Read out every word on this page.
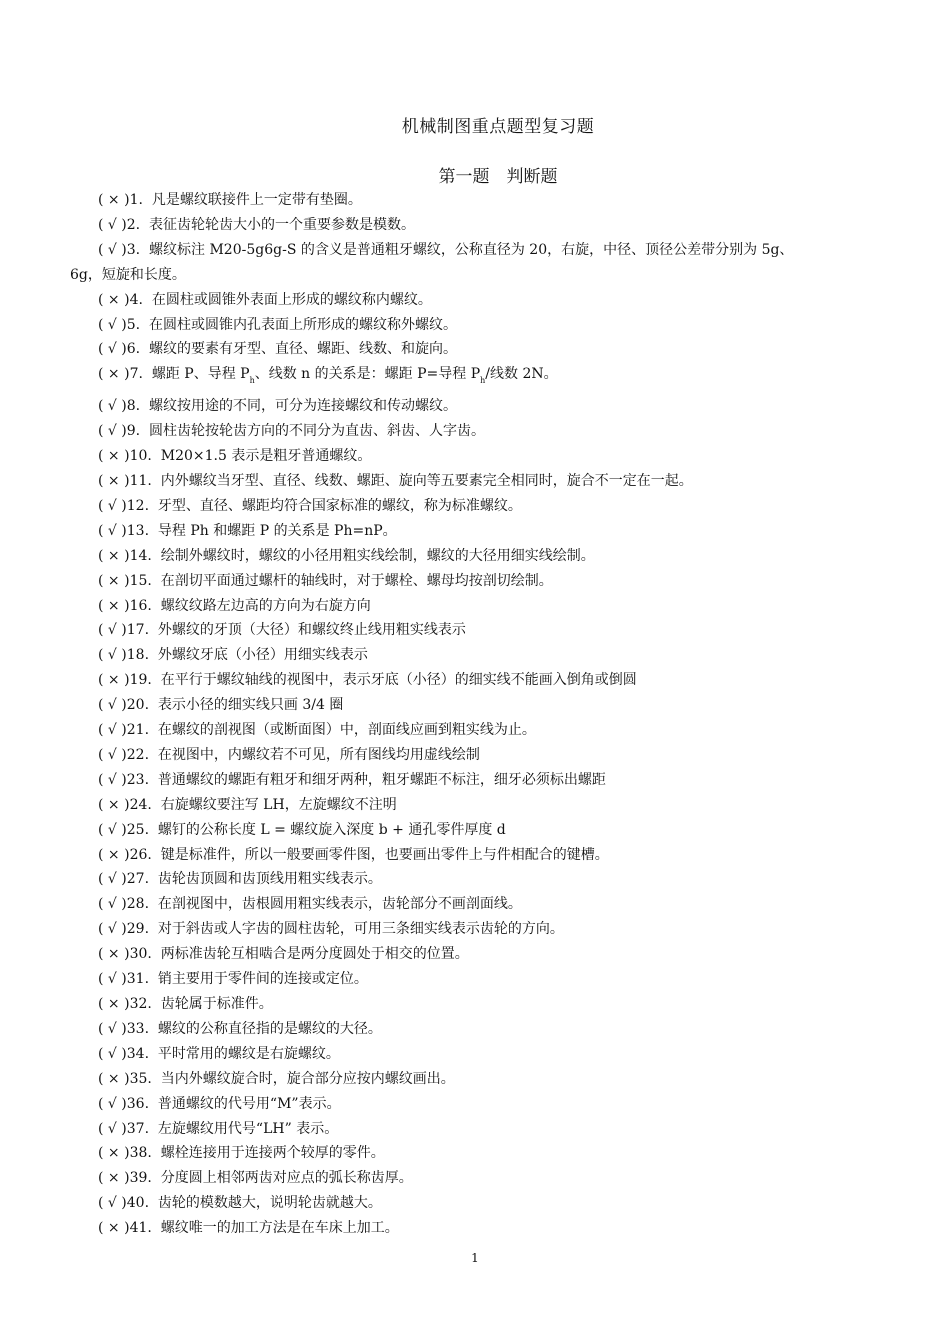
机械制图重点题型复习题
第一题　判断题
( × )1. 凡是螺纹联接件上一定带有垫圈。
( √ )2. 表征齿轮轮齿大小的一个重要参数是模数。
( √ )3. 螺纹标注 M20-5g6g-S 的含义是普通粗牙螺纹，公称直径为 20，右旋，中径、顶径公差带分别为 5g、
6g，短旋和长度。
( × )4. 在圆柱或圆锥外表面上形成的螺纹称内螺纹。
( √ )5. 在圆柱或圆锥内孔表面上所形成的螺纹称外螺纹。
( √ )6. 螺纹的要素有牙型、直径、螺距、线数、和旋向。
( × )7. 螺距 P、导程 $P_h$、线数 n 的关系是：螺距 P=导程 $P_h/$线数 2N。
( √ )8. 螺纹按用途的不同，可分为连接螺纹和传动螺纹。
( √ )9. 圆柱齿轮按轮齿方向的不同分为直齿、斜齿、人字齿。
( × )10. M20×1.5 表示是粗牙普通螺纹。
( × )11. 内外螺纹当牙型、直径、线数、螺距、旋向等五要素完全相同时，旋合不一定在一起。
( √ )12. 牙型、直径、螺距均符合国家标准的螺纹，称为标准螺纹。
( √ )13. 导程 Ph 和螺距 P 的关系是 Ph=nP。
( × )14. 绘制外螺纹时，螺纹的小径用粗实线绘制，螺纹的大径用细实线绘制。
( × )15. 在剖切平面通过螺杆的轴线时，对于螺栓、螺母均按剖切绘制。
( × )16. 螺纹纹路左边高的方向为右旋方向
( √ )17. 外螺纹的牙顶（大径）和螺纹终止线用粗实线表示
( √ )18. 外螺纹牙底（小径）用细实线表示
( × )19. 在平行于螺纹轴线的视图中，表示牙底（小径）的细实线不能画入倒角或倒圆
( √ )20. 表示小径的细实线只画 3/4 圈
( √ )21. 在螺纹的剖视图（或断面图）中，剖面线应画到粗实线为止。
( √ )22. 在视图中，内螺纹若不可见，所有图线均用虚线绘制
( √ )23. 普通螺纹的螺距有粗牙和细牙两种，粗牙螺距不标注，细牙必须标出螺距
( × )24. 右旋螺纹要注写 LH，左旋螺纹不注明
( √ )25. 螺钉的公称长度 L = 螺纹旋入深度 b + 通孔零件厚度 d
( × )26. 键是标准件，所以一般要画零件图，也要画出零件上与件相配合的键槽。
( √ )27. 齿轮齿顶圆和齿顶线用粗实线表示。
( √ )28. 在剖视图中，齿根圆用粗实线表示，齿轮部分不画剖面线。
( √ )29. 对于斜齿或人字齿的圆柱齿轮，可用三条细实线表示齿轮的方向。
( × )30. 两标准齿轮互相啮合是两分度圆处于相交的位置。
( √ )31. 销主要用于零件间的连接或定位。
( × )32. 齿轮属于标准件。
( √ )33. 螺纹的公称直径指的是螺纹的大径。
( √ )34. 平时常用的螺纹是右旋螺纹。
( × )35. 当内外螺纹旋合时，旋合部分应按内螺纹画出。
( √ )36. 普通螺纹的代号用“M”表示。
( √ )37. 左旋螺纹用代号“LH” 表示。
( × )38. 螺栓连接用于连接两个较厚的零件。
( × )39. 分度圆上相邻两齿对应点的弧长称齿厚。
( √ )40. 齿轮的模数越大，说明轮齿就越大。
( × )41. 螺纹唯一的加工方法是在车床上加工。
1
